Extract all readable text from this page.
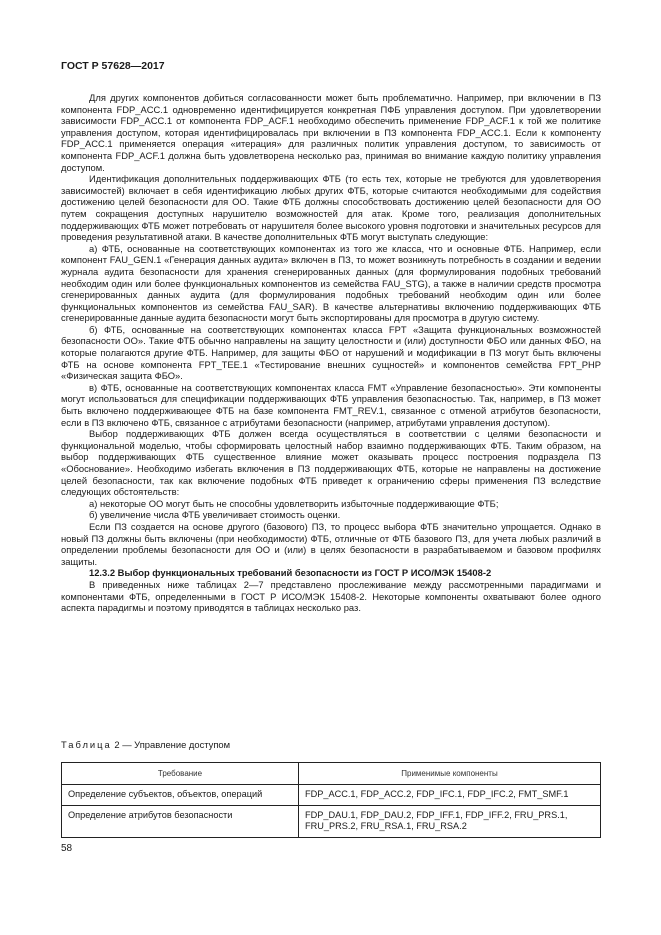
ГОСТ Р 57628—2017

Для других компонентов добиться согласованности может быть проблематично. Например, при включении в ПЗ компонента FDP_ACC.1 одновременно идентифицируется конкретная ПФБ управления доступом. При удовлетворении зависимости FDP_ACC.1 от компонента FDP_ACF.1 необходимо обеспечить применение FDP_ACF.1 к той же политике управления доступом, которая идентифицировалась при включении в ПЗ компонента FDP_ACC.1. Если к компоненту FDP_ACC.1 применяется операция «итерация» для различных политик управления доступом, то зависимость от компонента FDP_ACF.1 должна быть удовлетворена несколько раз, принимая во внимание каждую политику управления доступом.

Идентификация дополнительных поддерживающих ФТБ (то есть тех, которые не требуются для удовлетворения зависимостей) включает в себя идентификацию любых других ФТБ, которые считаются необходимыми для содействия достижению целей безопасности для ОО. Такие ФТБ должны способствовать достижению целей безопасности для ОО путем сокращения доступных нарушителю возможностей для атак. Кроме того, реализация дополнительных поддерживающих ФТБ может потребовать от нарушителя более высокого уровня подготовки и значительных ресурсов для проведения результативной атаки. В качестве дополнительных ФТБ могут выступать следующие:

а) ФТБ, основанные на соответствующих компонентах из того же класса, что и основные ФТБ. Например, если компонент FAU_GEN.1 «Генерация данных аудита» включен в ПЗ, то может возникнуть потребность в создании и ведении журнала аудита безопасности для хранения сгенерированных данных (для формулирования подобных требований необходим один или более функциональных компонентов из семейства FAU_STG), а также в наличии средств просмотра сгенерированных данных аудита (для формулирования подобных требований необходим один или более функциональных компонентов из семейства FAU_SAR). В качестве альтернативы включению поддерживающих ФТБ сгенерированные данные аудита безопасности могут быть экспортированы для просмотра в другую систему.

б) ФТБ, основанные на соответствующих компонентах класса FPT «Защита функциональных возможностей безопасности ОО». Такие ФТБ обычно направлены на защиту целостности и (или) доступности ФБО или данных ФБО, на которые полагаются другие ФТБ. Например, для защиты ФБО от нарушений и модификации в ПЗ могут быть включены ФТБ на основе компонента FPT_TEE.1 «Тестирование внешних сущностей» и компонентов семейства FPT_PHP «Физическая защита ФБО».

в) ФТБ, основанные на соответствующих компонентах класса FMT «Управление безопасностью». Эти компоненты могут использоваться для спецификации поддерживающих ФТБ управления безопасностью. Так, например, в ПЗ может быть включено поддерживающее ФТБ на базе компонента FMT_REV.1, связанное с отменой атрибутов безопасности, если в ПЗ включено ФТБ, связанное с атрибутами безопасности (например, атрибутами управления доступом).

Выбор поддерживающих ФТБ должен всегда осуществляться в соответствии с целями безопасности и функциональной моделью, чтобы сформировать целостный набор взаимно поддерживающих ФТБ. Таким образом, на выбор поддерживающих ФТБ существенное влияние может оказывать процесс построения подраздела ПЗ «Обоснование». Необходимо избегать включения в ПЗ поддерживающих ФТБ, которые не направлены на достижение целей безопасности, так как включение подобных ФТБ приведет к ограничению сферы применения ПЗ вследствие следующих обстоятельств:

а) некоторые ОО могут быть не способны удовлетворить избыточные поддерживающие ФТБ;

б) увеличение числа ФТБ увеличивает стоимость оценки.

Если ПЗ создается на основе другого (базового) ПЗ, то процесс выбора ФТБ значительно упрощается. Однако в новый ПЗ должны быть включены (при необходимости) ФТБ, отличные от ФТБ базового ПЗ, для учета любых различий в определении проблемы безопасности для ОО и (или) в целях безопасности в разрабатываемом и базовом профилях защиты.

12.3.2 Выбор функциональных требований безопасности из ГОСТ Р ИСО/МЭК 15408-2

В приведенных ниже таблицах 2—7 представлено прослеживание между рассмотренными парадигмами и компонентами ФТБ, определенными в ГОСТ Р ИСО/МЭК 15408-2. Некоторые компоненты охватывают более одного аспекта парадигмы и поэтому приводятся в таблицах несколько раз.

Таблица 2 — Управление доступом
Требование	Применимые компоненты
Определение субъектов, объектов, операций	FDP_ACC.1, FDP_ACC.2, FDP_IFC.1, FDP_IFC.2, FMT_SMF.1
Определение атрибутов безопасности	FDP_DAU.1, FDP_DAU.2, FDP_IFF.1, FDP_IFF.2, FRU_PRS.1, FRU_PRS.2, FRU_RSA.1, FRU_RSA.2
58
